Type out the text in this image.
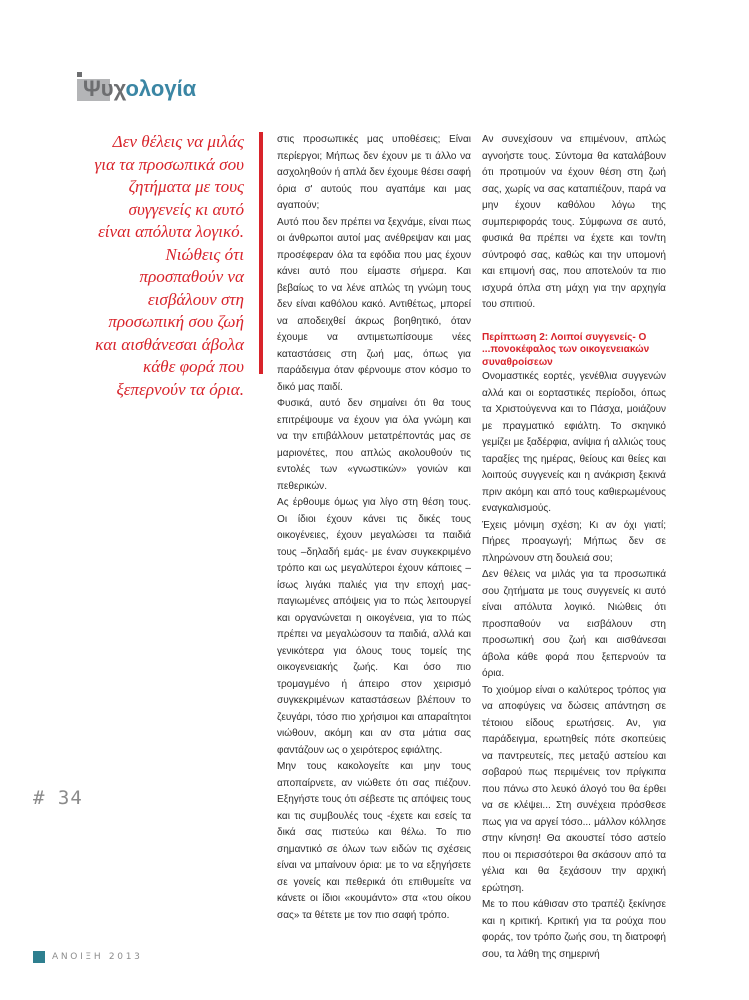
Ψυχολογία

Δεν θέλεις να μιλάς για τα προσωπικά σου ζητήματα με τους συγγενείς κι αυτό είναι απόλυτα λογικό. Νιώθεις ότι προσπαθούν να εισβάλουν στη προσωπική σου ζωή και αισθάνεσαι άβολα κάθε φορά που ξεπερνούν τα όρια.

στις προσωπικές μας υποθέσεις; Είναι περίεργοι; Μήπως δεν έχουν με τι άλλο να ασχοληθούν ή απλά δεν έχουμε θέσει σαφή όρια σ' αυτούς που αγαπάμε και μας αγαπούν;

Αυτό που δεν πρέπει να ξεχνάμε, είναι πως οι άνθρωποι αυτοί μας ανέθρεψαν και μας προσέφεραν όλα τα εφόδια που μας έχουν κάνει αυτό που είμαστε σήμερα. Και βεβαίως το να λένε απλώς τη γνώμη τους δεν είναι καθόλου κακό. Αντιθέτως, μπορεί να αποδειχθεί άκρως βοηθητικό, όταν έχουμε να αντιμετωπίσουμε νέες καταστάσεις στη ζωή μας, όπως για παράδειγμα όταν φέρνουμε στον κόσμο το δικό μας παιδί.

Φυσικά, αυτό δεν σημαίνει ότι θα τους επιτρέψουμε να έχουν για όλα γνώμη και να την επιβάλλουν μετατρέποντάς μας σε μαριονέτες, που απλώς ακολουθούν τις εντολές των «γνωστικών» γονιών και πεθερικών.

Ας έρθουμε όμως για λίγο στη θέση τους. Οι ίδιοι έχουν κάνει τις δικές τους οικογένειες, έχουν μεγαλώσει τα παιδιά τους –δηλαδή εμάς- με έναν συγκεκριμένο τρόπο και ως μεγαλύτεροι έχουν κάποιες –ίσως λιγάκι παλιές για την εποχή μας- παγιωμένες απόψεις για το πώς λειτουργεί και οργανώνεται η οικογένεια, για το πώς πρέπει να μεγαλώσουν τα παιδιά, αλλά και γενικότερα για όλους τους τομείς της οικογενειακής ζωής. Και όσο πιο τρομαγμένο ή άπειρο στον χειρισμό συγκεκριμένων καταστάσεων βλέπουν το ζευγάρι, τόσο πιο χρήσιμοι και απαραίτητοι νιώθουν, ακόμη και αν στα μάτια σας φαντάζουν ως ο χειρότερος εφιάλτης.

Μην τους κακολογείτε και μην τους αποπαίρνετε, αν νιώθετε ότι σας πιέζουν. Εξηγήστε τους ότι σέβεστε τις απόψεις τους και τις συμβουλές τους -έχετε και εσείς τα δικά σας πιστεύω και θέλω. Το πιο σημαντικό σε όλων των ειδών τις σχέσεις είναι να μπαίνουν όρια: με το να εξηγήσετε σε γονείς και πεθερικά ότι επιθυμείτε να κάνετε οι ίδιοι «κουμάντο» στα «του οίκου σας» τα θέτετε με τον πιο σαφή τρόπο.

Αν συνεχίσουν να επιμένουν, απλώς αγνοήστε τους. Σύντομα θα καταλάβουν ότι προτιμούν να έχουν θέση στη ζωή σας, χωρίς να σας καταπιέζουν, παρά να μην έχουν καθόλου λόγω της συμπεριφοράς τους. Σύμφωνα σε αυτό, φυσικά θα πρέπει να έχετε και τον/τη σύντροφό σας, καθώς και την υπομονή και επιμονή σας, που αποτελούν τα πιο ισχυρά όπλα στη μάχη για την αρχηγία του σπιτιού.

Περίπτωση 2: Λοιποί συγγενείς- Ο ...πονοκέφαλος των οικογενειακών συναθροίσεων

Ονομαστικές εορτές, γενέθλια συγγενών αλλά και οι εορταστικές περίοδοι, όπως τα Χριστούγεννα και το Πάσχα, μοιάζουν με πραγματικό εφιάλτη. Το σκηνικό γεμίζει με ξαδέρφια, ανίψια ή αλλιώς τους ταραξίες της ημέρας, θείους και θείες και λοιπούς συγγενείς και η ανάκριση ξεκινά πριν ακόμη και από τους καθιερωμένους εναγκαλισμούς.

Έχεις μόνιμη σχέση; Κι αν όχι γιατί; Πήρες προαγωγή; Μήπως δεν σε πληρώνουν στη δουλειά σου;

Δεν θέλεις να μιλάς για τα προσωπικά σου ζητήματα με τους συγγενείς κι αυτό είναι απόλυτα λογικό. Νιώθεις ότι προσπαθούν να εισβάλουν στη προσωπική σου ζωή και αισθάνεσαι άβολα κάθε φορά που ξεπερνούν τα όρια.

Το χιούμορ είναι ο καλύτερος τρόπος για να αποφύγεις να δώσεις απάντηση σε τέτοιου είδους ερωτήσεις. Αν, για παράδειγμα, ερωτηθείς πότε σκοπεύεις να παντρευτείς, πες μεταξύ αστείου και σοβαρού πως περιμένεις τον πρίγκιπα που πάνω στο λευκό άλογό του θα έρθει να σε κλέψει... Στη συνέχεια πρόσθεσε πως για να αργεί τόσο... μάλλον κόλλησε στην κίνηση! Θα ακουστεί τόσο αστείο που οι περισσότεροι θα σκάσουν από τα γέλια και θα ξεχάσουν την αρχική ερώτηση.

Με το που κάθισαν στο τραπέζι ξεκίνησε και η κριτική. Κριτική για τα ρούχα που φοράς, τον τρόπο ζωής σου, τη διατροφή σου, τα λάθη της σημερινή

# 34
ΑΝΟΙΞΗ 2013
